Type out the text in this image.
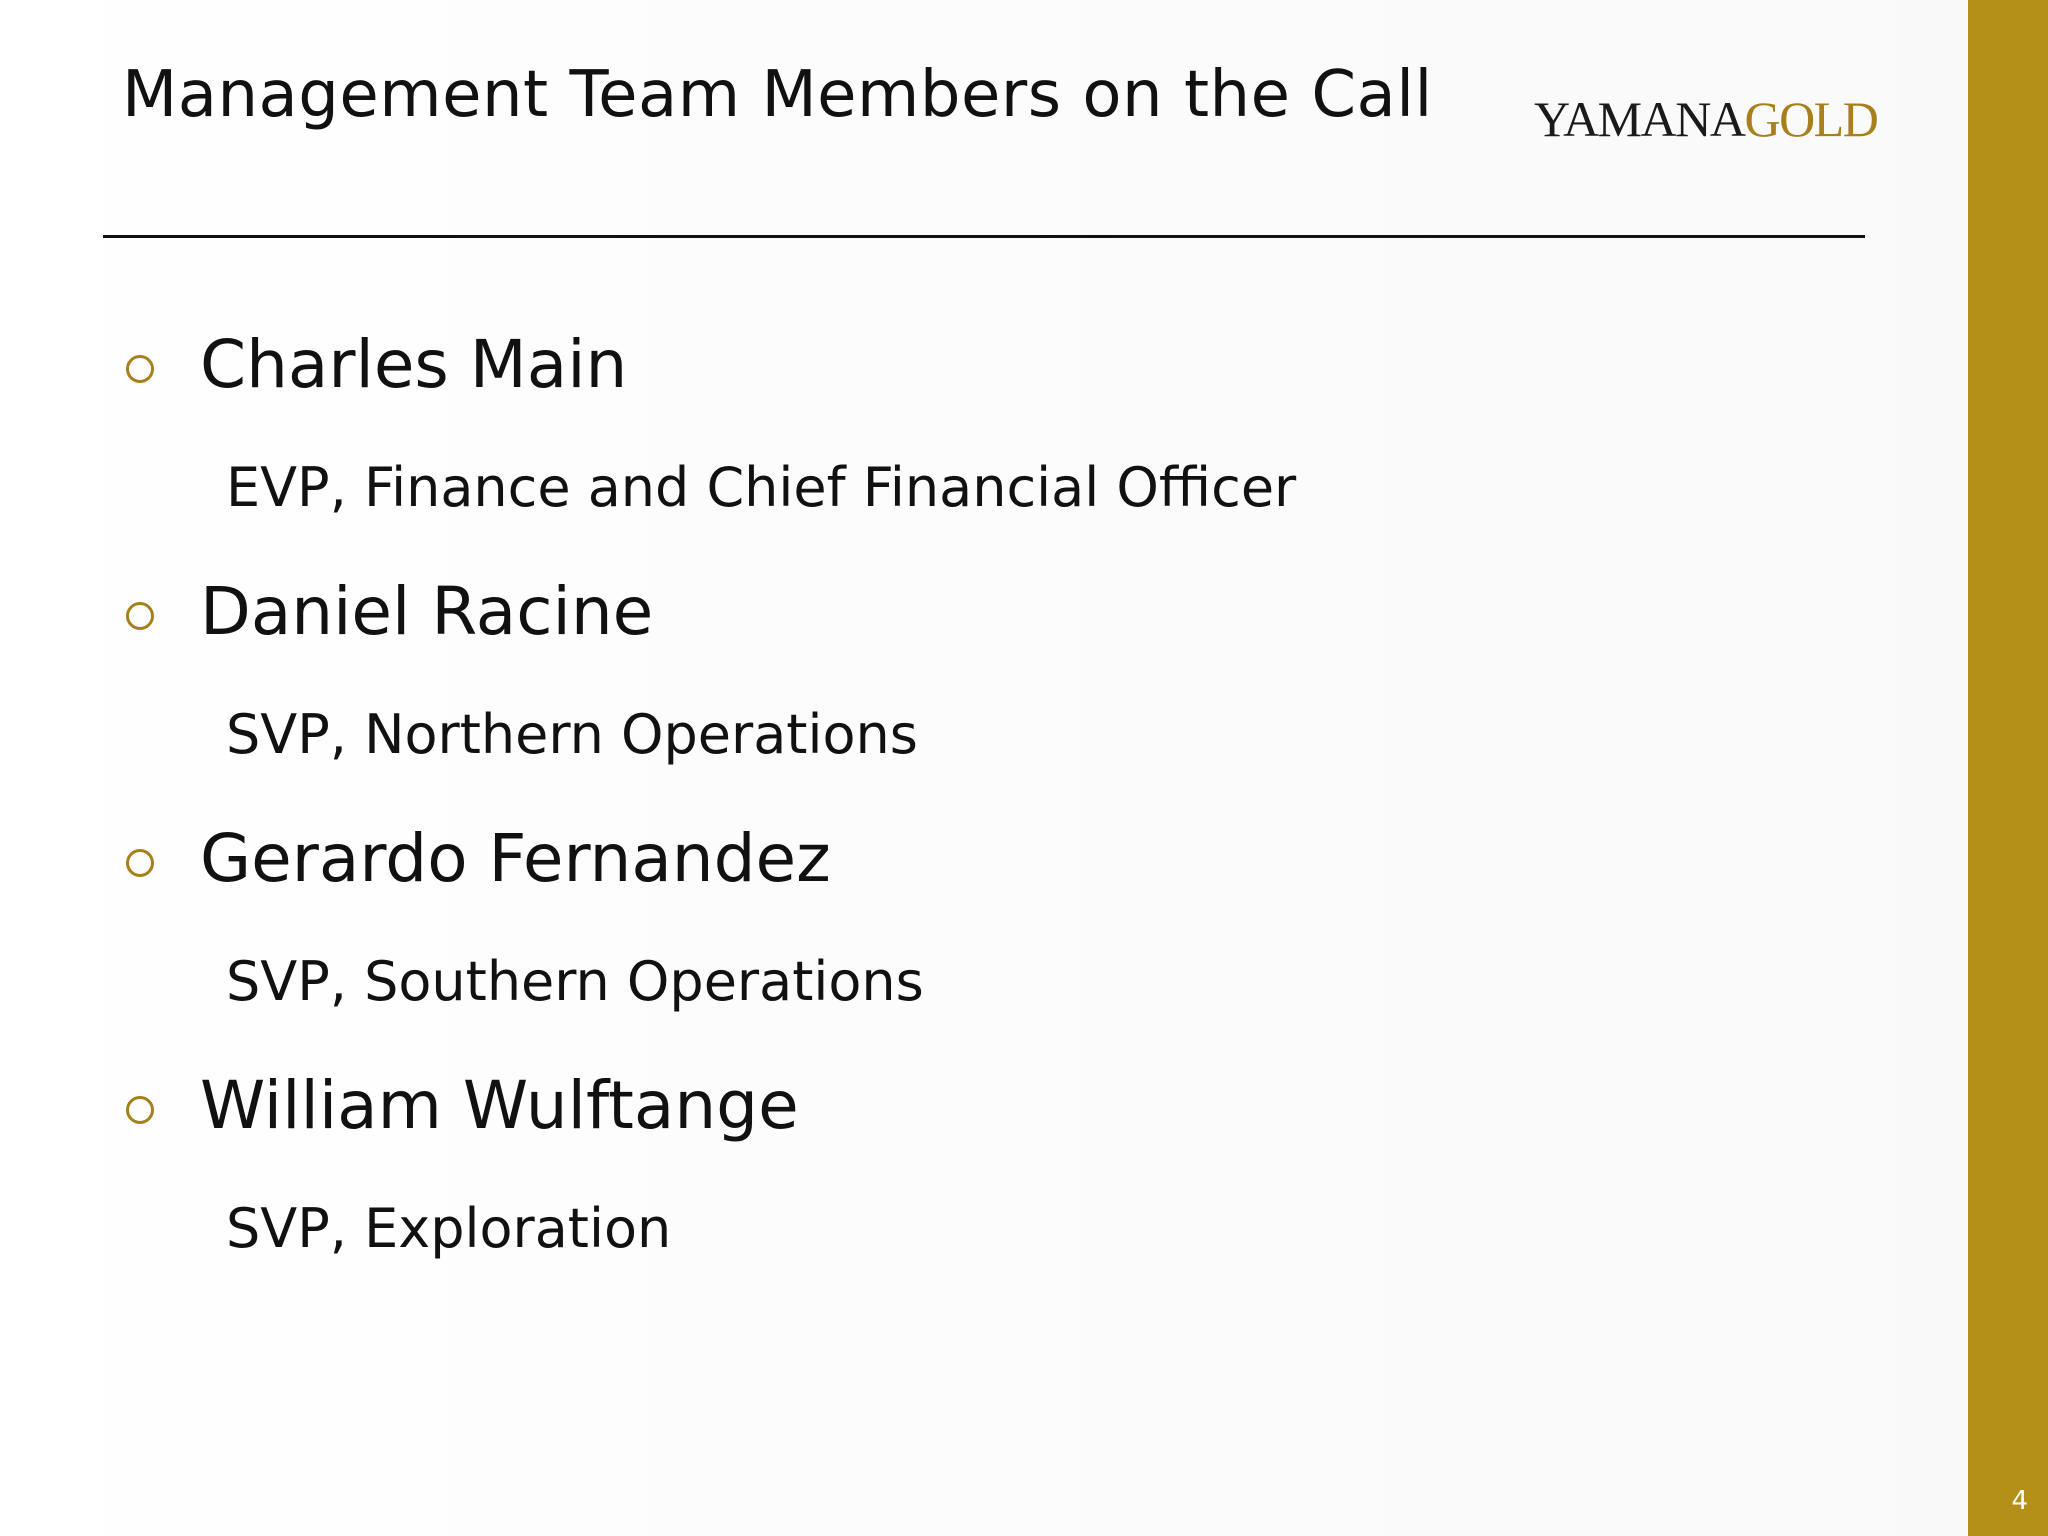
Management Team Members on the Call YAMANAGOLD
Charles Main
EVP, Finance and Chief Financial Officer
Daniel Racine
SVP, Northern Operations
Gerardo Fernandez
SVP, Southern Operations
William Wulftange
SVP, Exploration
4
